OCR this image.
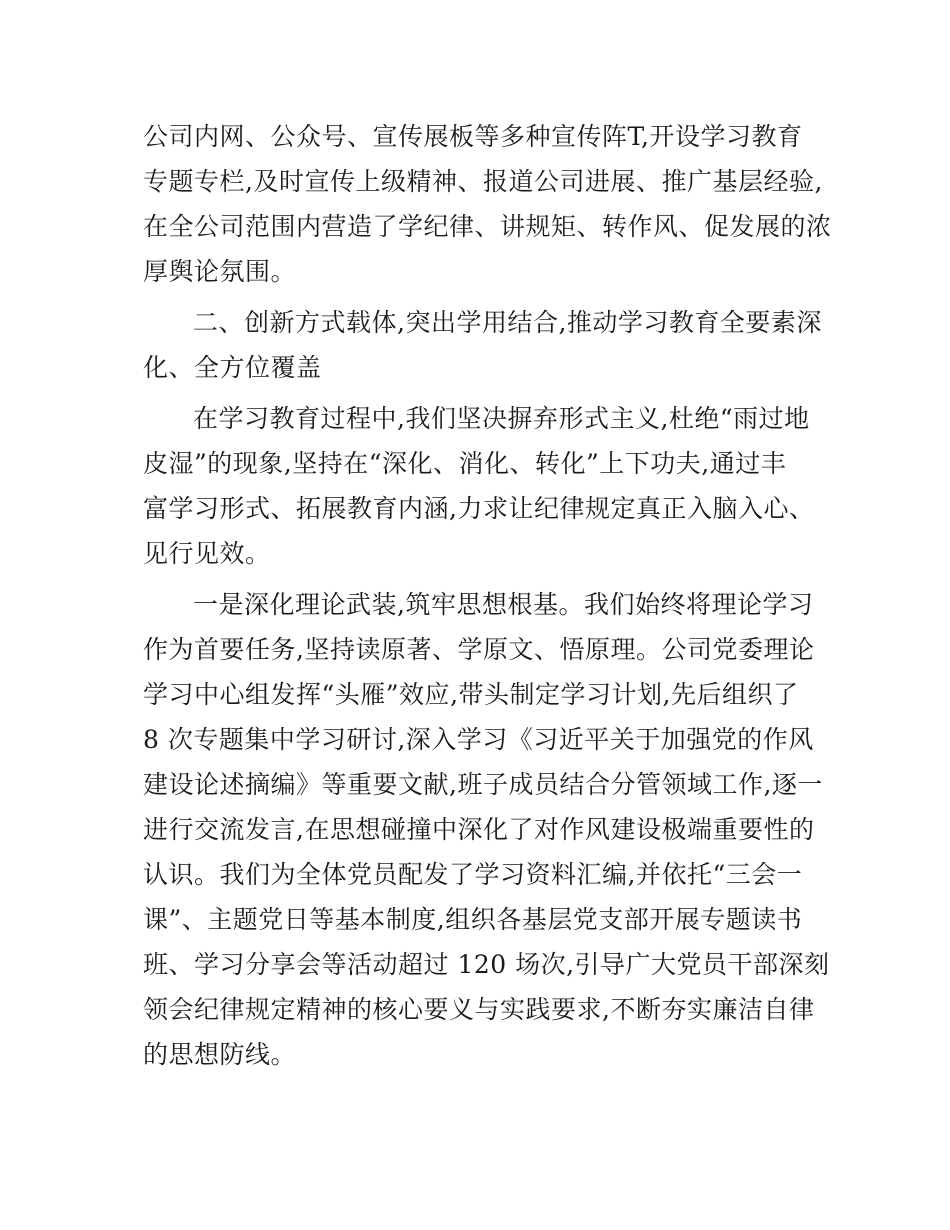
公司内网、公众号、宣传展板等多种宣传阵T,开设学习教育
专题专栏,及时宣传上级精神、报道公司进展、推广基层经验,
在全公司范围内营造了学纪律、讲规矩、转作风、促发展的浓
厚舆论氛围。
二、创新方式载体,突出学用结合,推动学习教育全要素深
化、全方位覆盖
在学习教育过程中,我们坚决摒弃形式主义,杜绝“雨过地
皮湿”的现象,坚持在“深化、消化、转化”上下功夫,通过丰
富学习形式、拓展教育内涵,力求让纪律规定真正入脑入心、
见行见效。
一是深化理论武装,筑牢思想根基。我们始终将理论学习
作为首要任务,坚持读原著、学原文、悟原理。公司党委理论
学习中心组发挥“头雁”效应,带头制定学习计划,先后组织了
8 次专题集中学习研讨,深入学习《习近平关于加强党的作风
建设论述摘编》等重要文献,班子成员结合分管领域工作,逐一
进行交流发言,在思想碰撞中深化了对作风建设极端重要性的
认识。我们为全体党员配发了学习资料汇编,并依托“三会一
课”、主题党日等基本制度,组织各基层党支部开展专题读书
班、学习分享会等活动超过 120 场次,引导广大党员干部深刻
领会纪律规定精神的核心要义与实践要求,不断夯实廉洁自律
的思想防线。
